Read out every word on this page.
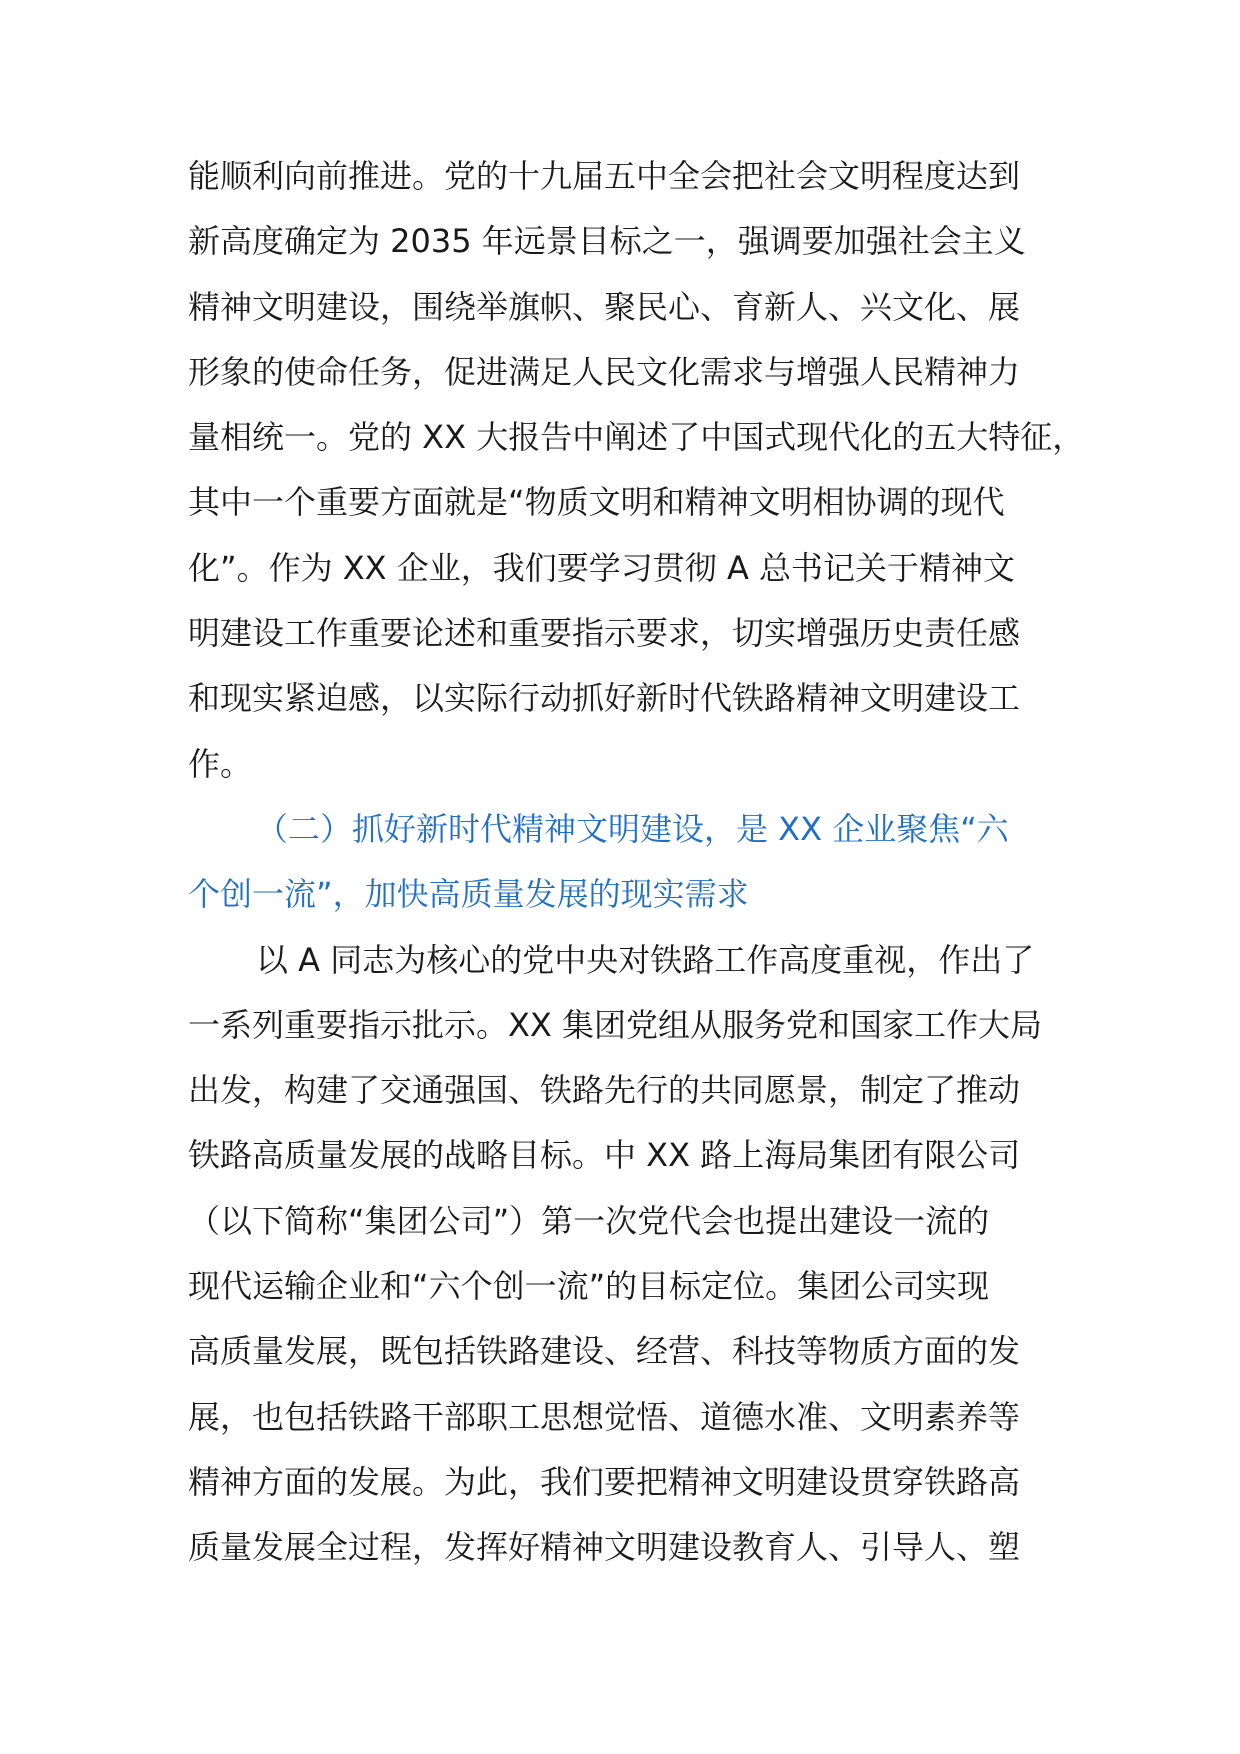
能顺利向前推进。党的十九届五中全会把社会文明程度达到
新高度确定为 2035 年远景目标之一，强调要加强社会主义
精神文明建设，围绕举旗帜、聚民心、育新人、兴文化、展
形象的使命任务，促进满足人民文化需求与增强人民精神力
量相统一。党的 XX 大报告中阐述了中国式现代化的五大特征，
其中一个重要方面就是“物质文明和精神文明相协调的现代
化”。作为 XX 企业，我们要学习贯彻 A 总书记关于精神文
明建设工作重要论述和重要指示要求，切实增强历史责任感
和现实紧迫感，以实际行动抓好新时代铁路精神文明建设工
作。
（二）抓好新时代精神文明建设，是 XX 企业聚焦“六
个创一流”，加快高质量发展的现实需求
以 A 同志为核心的党中央对铁路工作高度重视，作出了
一系列重要指示批示。XX 集团党组从服务党和国家工作大局
出发，构建了交通强国、铁路先行的共同愿景，制定了推动
铁路高质量发展的战略目标。中 XX 路上海局集团有限公司
（以下简称“集团公司”）第一次党代会也提出建设一流的
现代运输企业和“六个创一流”的目标定位。集团公司实现
高质量发展，既包括铁路建设、经营、科技等物质方面的发
展，也包括铁路干部职工思想觉悟、道德水准、文明素养等
精神方面的发展。为此，我们要把精神文明建设贯穿铁路高
质量发展全过程，发挥好精神文明建设教育人、引导人、塑
